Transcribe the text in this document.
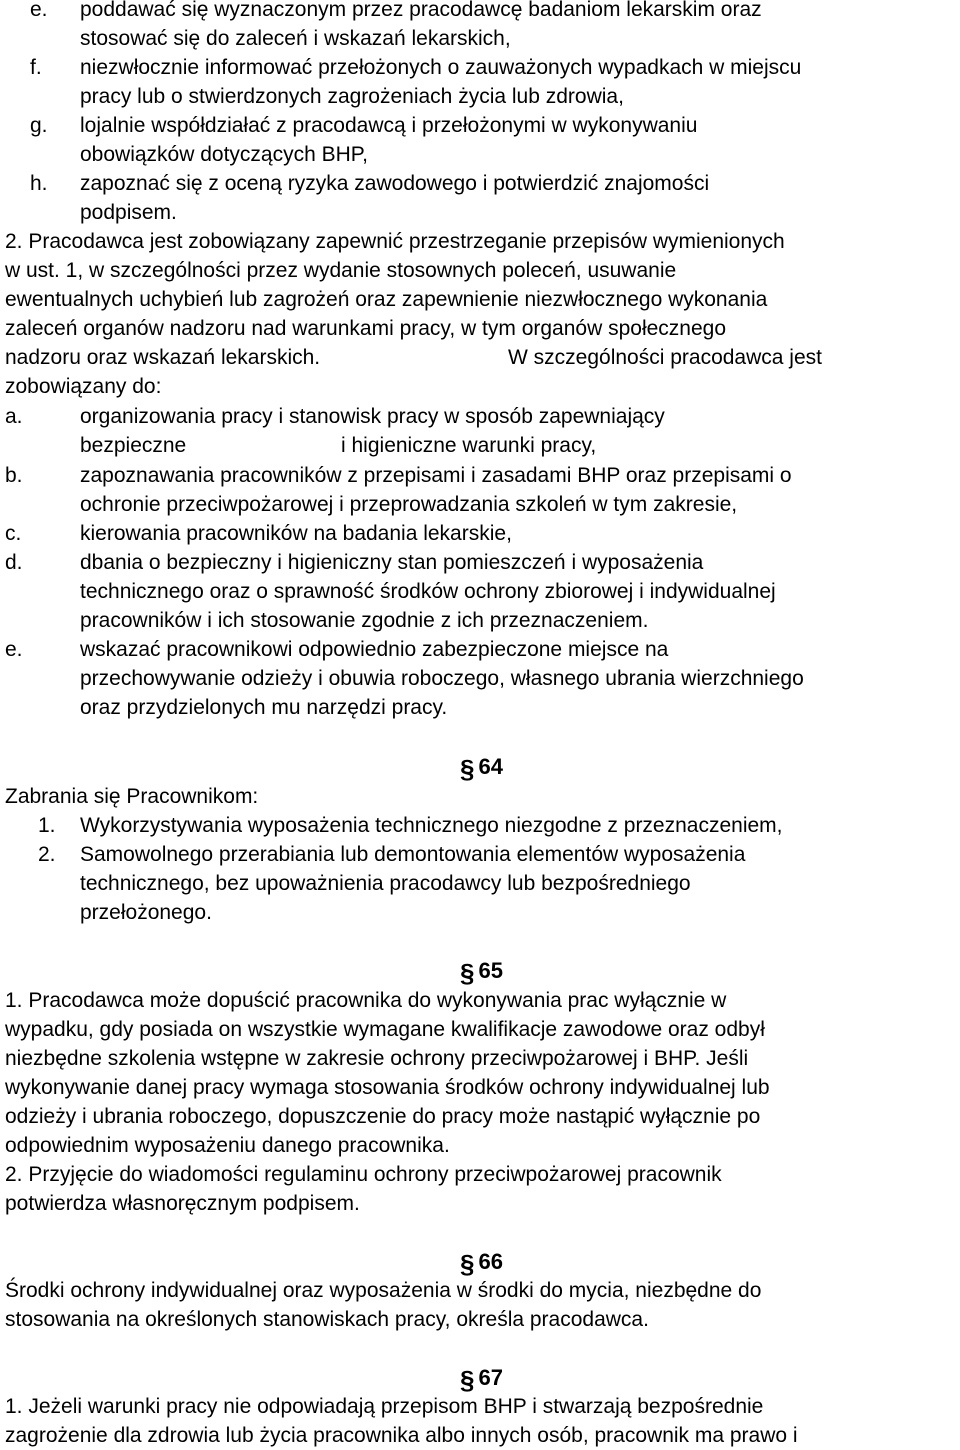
e. poddawać się wyznaczonym przez pracodawcę badaniom lekarskim oraz
stosować się do zaleceń i wskazań lekarskich,
f. niezwłocznie informować przełożonych o zauważonych wypadkach w miejscu
pracy lub o stwierdzonych zagrożeniach życia lub zdrowia,
g. lojalnie współdziałać z pracodawcą i przełożonymi w wykonywaniu
obowiązków dotyczących BHP,
h. zapoznać się z oceną ryzyka zawodowego i potwierdzić znajomości
podpisem.
2. Pracodawca jest zobowiązany zapewnić przestrzeganie przepisów wymienionych
w ust. 1, w szczególności przez wydanie stosownych poleceń, usuwanie
ewentualnych uchybień lub zagrożeń oraz zapewnienie niezwłocznego wykonania
zaleceń organów nadzoru nad warunkami pracy, w tym organów społecznego
nadzoru oraz wskazań lekarskich.	W szczególności pracodawca jest
zobowiązany do:
a.	organizowania pracy i stanowisk pracy w sposób zapewniający
bezpieczne	i higieniczne warunki pracy,
b.	zapoznawania pracowników z przepisami i zasadami BHP oraz przepisami o
ochronie przeciwpożarowej i przeprowadzania szkoleń w tym zakresie,
c.	kierowania pracowników na badania lekarskie,
d.	dbania o bezpieczny i higieniczny stan pomieszczeń i wyposażenia
technicznego oraz o sprawność środków ochrony zbiorowej i indywidualnej
pracowników i ich stosowanie zgodnie z ich przeznaczeniem.
e.	wskazać pracownikowi odpowiednio zabezpieczone miejsce na
przechowywanie odzieży i obuwia roboczego, własnego ubrania wierzchniego
oraz przydzielonych mu narzędzi pracy.
§ 64
Zabrania się Pracownikom:
1. Wykorzystywania wyposażenia technicznego niezgodne z przeznaczeniem,
2. Samowolnego przerabiania lub demontowania elementów wyposażenia
technicznego, bez upoważnienia pracodawcy lub bezpośredniego
przełożonego.
§ 65
1. Pracodawca może dopuścić pracownika do wykonywania prac wyłącznie w
wypadku, gdy posiada on wszystkie wymagane kwalifikacje zawodowe oraz odbył
niezbędne szkolenia wstępne w zakresie ochrony przeciwpożarowej i BHP. Jeśli
wykonywanie danej pracy wymaga stosowania środków ochrony indywidualnej lub
odzieży i ubrania roboczego, dopuszczenie do pracy może nastąpić wyłącznie po
odpowiednim wyposażeniu danego pracownika.
2. Przyjęcie do wiadomości regulaminu ochrony przeciwpożarowej pracownik
potwierdza własnoręcznym podpisem.
§ 66
Środki ochrony indywidualnej oraz wyposażenia w środki do mycia, niezbędne do
stosowania na określonych stanowiskach pracy, określa pracodawca.
§ 67
1. Jeżeli warunki pracy nie odpowiadają przepisom BHP i stwarzają bezpośrednie
zagrożenie dla zdrowia lub życia pracownika albo innych osób, pracownik ma prawo i
